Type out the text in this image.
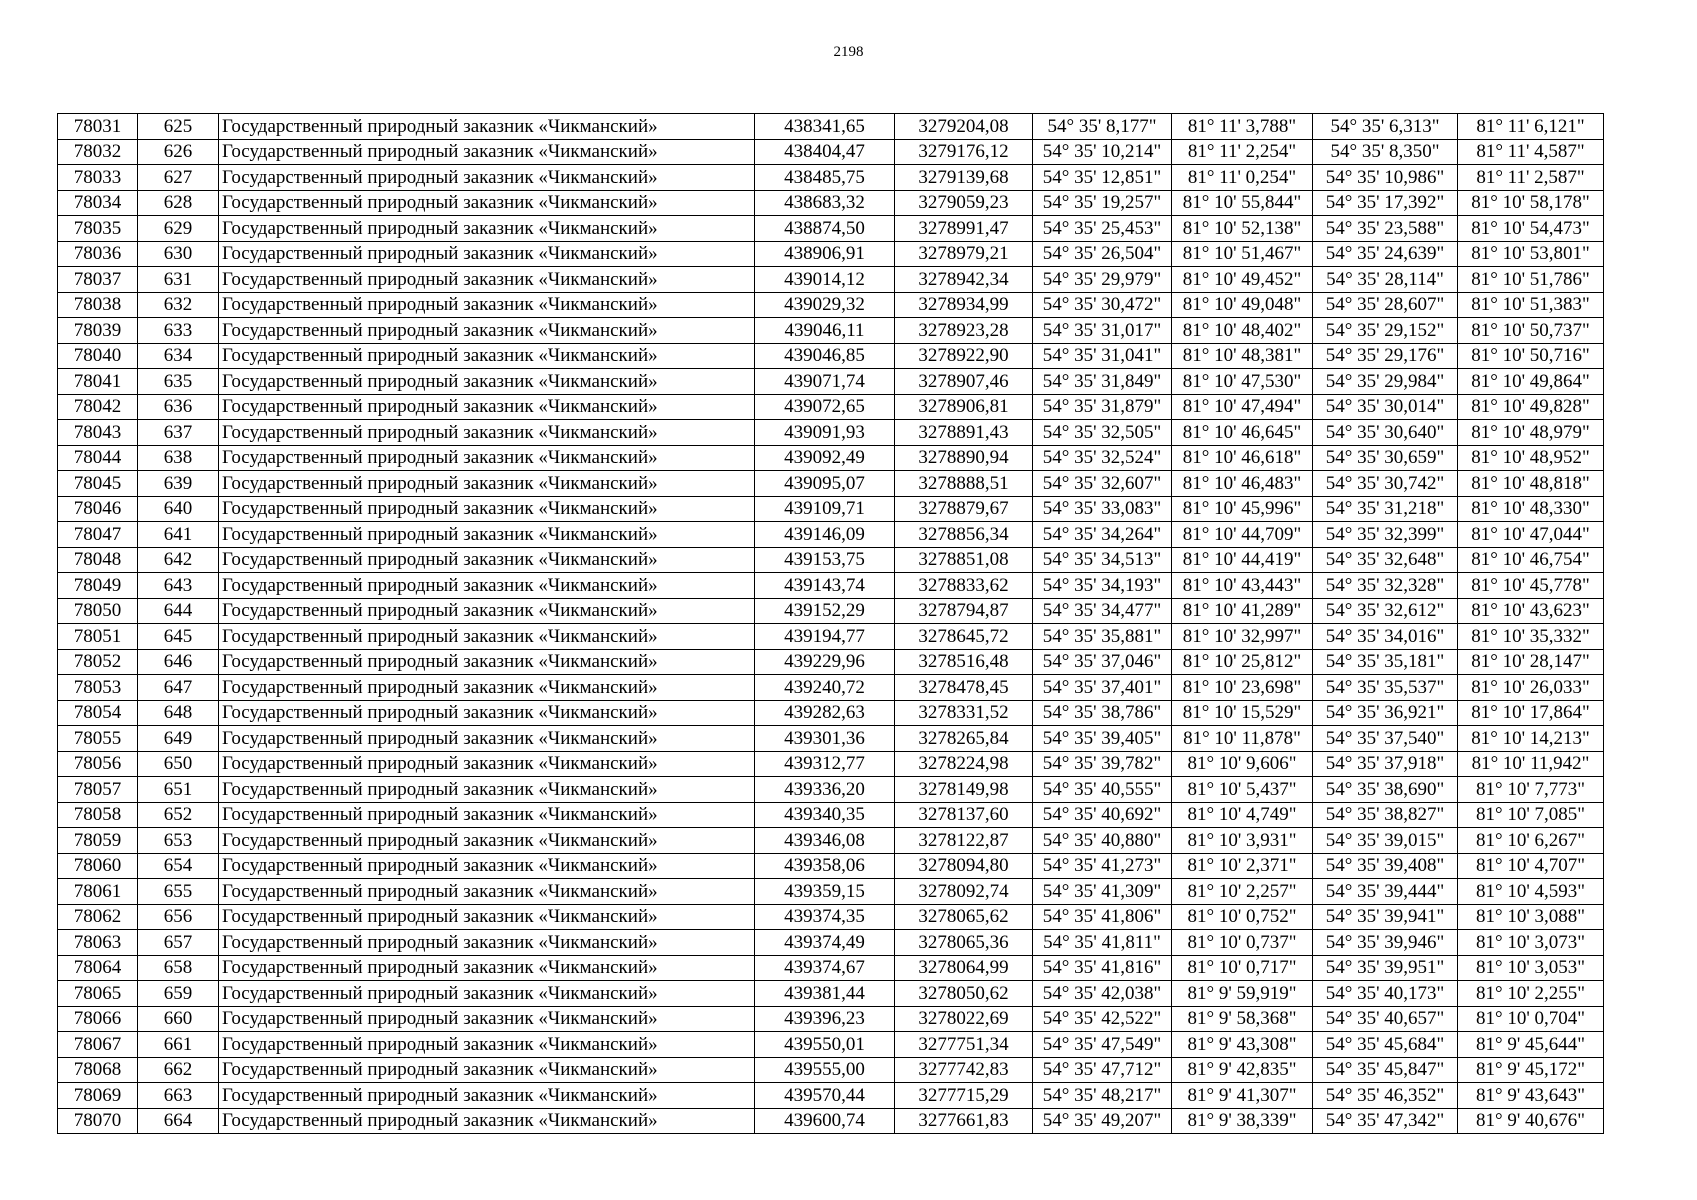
2198
78031	625	Государственный природный заказник «Чикманский»	438341,65	3279204,08	54° 35' 8,177"	81° 11' 3,788"	54° 35' 6,313"	81° 11' 6,121"
78032	626	Государственный природный заказник «Чикманский»	438404,47	3279176,12	54° 35' 10,214"	81° 11' 2,254"	54° 35' 8,350"	81° 11' 4,587"
78033	627	Государственный природный заказник «Чикманский»	438485,75	3279139,68	54° 35' 12,851"	81° 11' 0,254"	54° 35' 10,986"	81° 11' 2,587"
78034	628	Государственный природный заказник «Чикманский»	438683,32	3279059,23	54° 35' 19,257"	81° 10' 55,844"	54° 35' 17,392"	81° 10' 58,178"
78035	629	Государственный природный заказник «Чикманский»	438874,50	3278991,47	54° 35' 25,453"	81° 10' 52,138"	54° 35' 23,588"	81° 10' 54,473"
78036	630	Государственный природный заказник «Чикманский»	438906,91	3278979,21	54° 35' 26,504"	81° 10' 51,467"	54° 35' 24,639"	81° 10' 53,801"
78037	631	Государственный природный заказник «Чикманский»	439014,12	3278942,34	54° 35' 29,979"	81° 10' 49,452"	54° 35' 28,114"	81° 10' 51,786"
78038	632	Государственный природный заказник «Чикманский»	439029,32	3278934,99	54° 35' 30,472"	81° 10' 49,048"	54° 35' 28,607"	81° 10' 51,383"
78039	633	Государственный природный заказник «Чикманский»	439046,11	3278923,28	54° 35' 31,017"	81° 10' 48,402"	54° 35' 29,152"	81° 10' 50,737"
78040	634	Государственный природный заказник «Чикманский»	439046,85	3278922,90	54° 35' 31,041"	81° 10' 48,381"	54° 35' 29,176"	81° 10' 50,716"
78041	635	Государственный природный заказник «Чикманский»	439071,74	3278907,46	54° 35' 31,849"	81° 10' 47,530"	54° 35' 29,984"	81° 10' 49,864"
78042	636	Государственный природный заказник «Чикманский»	439072,65	3278906,81	54° 35' 31,879"	81° 10' 47,494"	54° 35' 30,014"	81° 10' 49,828"
78043	637	Государственный природный заказник «Чикманский»	439091,93	3278891,43	54° 35' 32,505"	81° 10' 46,645"	54° 35' 30,640"	81° 10' 48,979"
78044	638	Государственный природный заказник «Чикманский»	439092,49	3278890,94	54° 35' 32,524"	81° 10' 46,618"	54° 35' 30,659"	81° 10' 48,952"
78045	639	Государственный природный заказник «Чикманский»	439095,07	3278888,51	54° 35' 32,607"	81° 10' 46,483"	54° 35' 30,742"	81° 10' 48,818"
78046	640	Государственный природный заказник «Чикманский»	439109,71	3278879,67	54° 35' 33,083"	81° 10' 45,996"	54° 35' 31,218"	81° 10' 48,330"
78047	641	Государственный природный заказник «Чикманский»	439146,09	3278856,34	54° 35' 34,264"	81° 10' 44,709"	54° 35' 32,399"	81° 10' 47,044"
78048	642	Государственный природный заказник «Чикманский»	439153,75	3278851,08	54° 35' 34,513"	81° 10' 44,419"	54° 35' 32,648"	81° 10' 46,754"
78049	643	Государственный природный заказник «Чикманский»	439143,74	3278833,62	54° 35' 34,193"	81° 10' 43,443"	54° 35' 32,328"	81° 10' 45,778"
78050	644	Государственный природный заказник «Чикманский»	439152,29	3278794,87	54° 35' 34,477"	81° 10' 41,289"	54° 35' 32,612"	81° 10' 43,623"
78051	645	Государственный природный заказник «Чикманский»	439194,77	3278645,72	54° 35' 35,881"	81° 10' 32,997"	54° 35' 34,016"	81° 10' 35,332"
78052	646	Государственный природный заказник «Чикманский»	439229,96	3278516,48	54° 35' 37,046"	81° 10' 25,812"	54° 35' 35,181"	81° 10' 28,147"
78053	647	Государственный природный заказник «Чикманский»	439240,72	3278478,45	54° 35' 37,401"	81° 10' 23,698"	54° 35' 35,537"	81° 10' 26,033"
78054	648	Государственный природный заказник «Чикманский»	439282,63	3278331,52	54° 35' 38,786"	81° 10' 15,529"	54° 35' 36,921"	81° 10' 17,864"
78055	649	Государственный природный заказник «Чикманский»	439301,36	3278265,84	54° 35' 39,405"	81° 10' 11,878"	54° 35' 37,540"	81° 10' 14,213"
78056	650	Государственный природный заказник «Чикманский»	439312,77	3278224,98	54° 35' 39,782"	81° 10' 9,606"	54° 35' 37,918"	81° 10' 11,942"
78057	651	Государственный природный заказник «Чикманский»	439336,20	3278149,98	54° 35' 40,555"	81° 10' 5,437"	54° 35' 38,690"	81° 10' 7,773"
78058	652	Государственный природный заказник «Чикманский»	439340,35	3278137,60	54° 35' 40,692"	81° 10' 4,749"	54° 35' 38,827"	81° 10' 7,085"
78059	653	Государственный природный заказник «Чикманский»	439346,08	3278122,87	54° 35' 40,880"	81° 10' 3,931"	54° 35' 39,015"	81° 10' 6,267"
78060	654	Государственный природный заказник «Чикманский»	439358,06	3278094,80	54° 35' 41,273"	81° 10' 2,371"	54° 35' 39,408"	81° 10' 4,707"
78061	655	Государственный природный заказник «Чикманский»	439359,15	3278092,74	54° 35' 41,309"	81° 10' 2,257"	54° 35' 39,444"	81° 10' 4,593"
78062	656	Государственный природный заказник «Чикманский»	439374,35	3278065,62	54° 35' 41,806"	81° 10' 0,752"	54° 35' 39,941"	81° 10' 3,088"
78063	657	Государственный природный заказник «Чикманский»	439374,49	3278065,36	54° 35' 41,811"	81° 10' 0,737"	54° 35' 39,946"	81° 10' 3,073"
78064	658	Государственный природный заказник «Чикманский»	439374,67	3278064,99	54° 35' 41,816"	81° 10' 0,717"	54° 35' 39,951"	81° 10' 3,053"
78065	659	Государственный природный заказник «Чикманский»	439381,44	3278050,62	54° 35' 42,038"	81° 9' 59,919"	54° 35' 40,173"	81° 10' 2,255"
78066	660	Государственный природный заказник «Чикманский»	439396,23	3278022,69	54° 35' 42,522"	81° 9' 58,368"	54° 35' 40,657"	81° 10' 0,704"
78067	661	Государственный природный заказник «Чикманский»	439550,01	3277751,34	54° 35' 47,549"	81° 9' 43,308"	54° 35' 45,684"	81° 9' 45,644"
78068	662	Государственный природный заказник «Чикманский»	439555,00	3277742,83	54° 35' 47,712"	81° 9' 42,835"	54° 35' 45,847"	81° 9' 45,172"
78069	663	Государственный природный заказник «Чикманский»	439570,44	3277715,29	54° 35' 48,217"	81° 9' 41,307"	54° 35' 46,352"	81° 9' 43,643"
78070	664	Государственный природный заказник «Чикманский»	439600,74	3277661,83	54° 35' 49,207"	81° 9' 38,339"	54° 35' 47,342"	81° 9' 40,676"
